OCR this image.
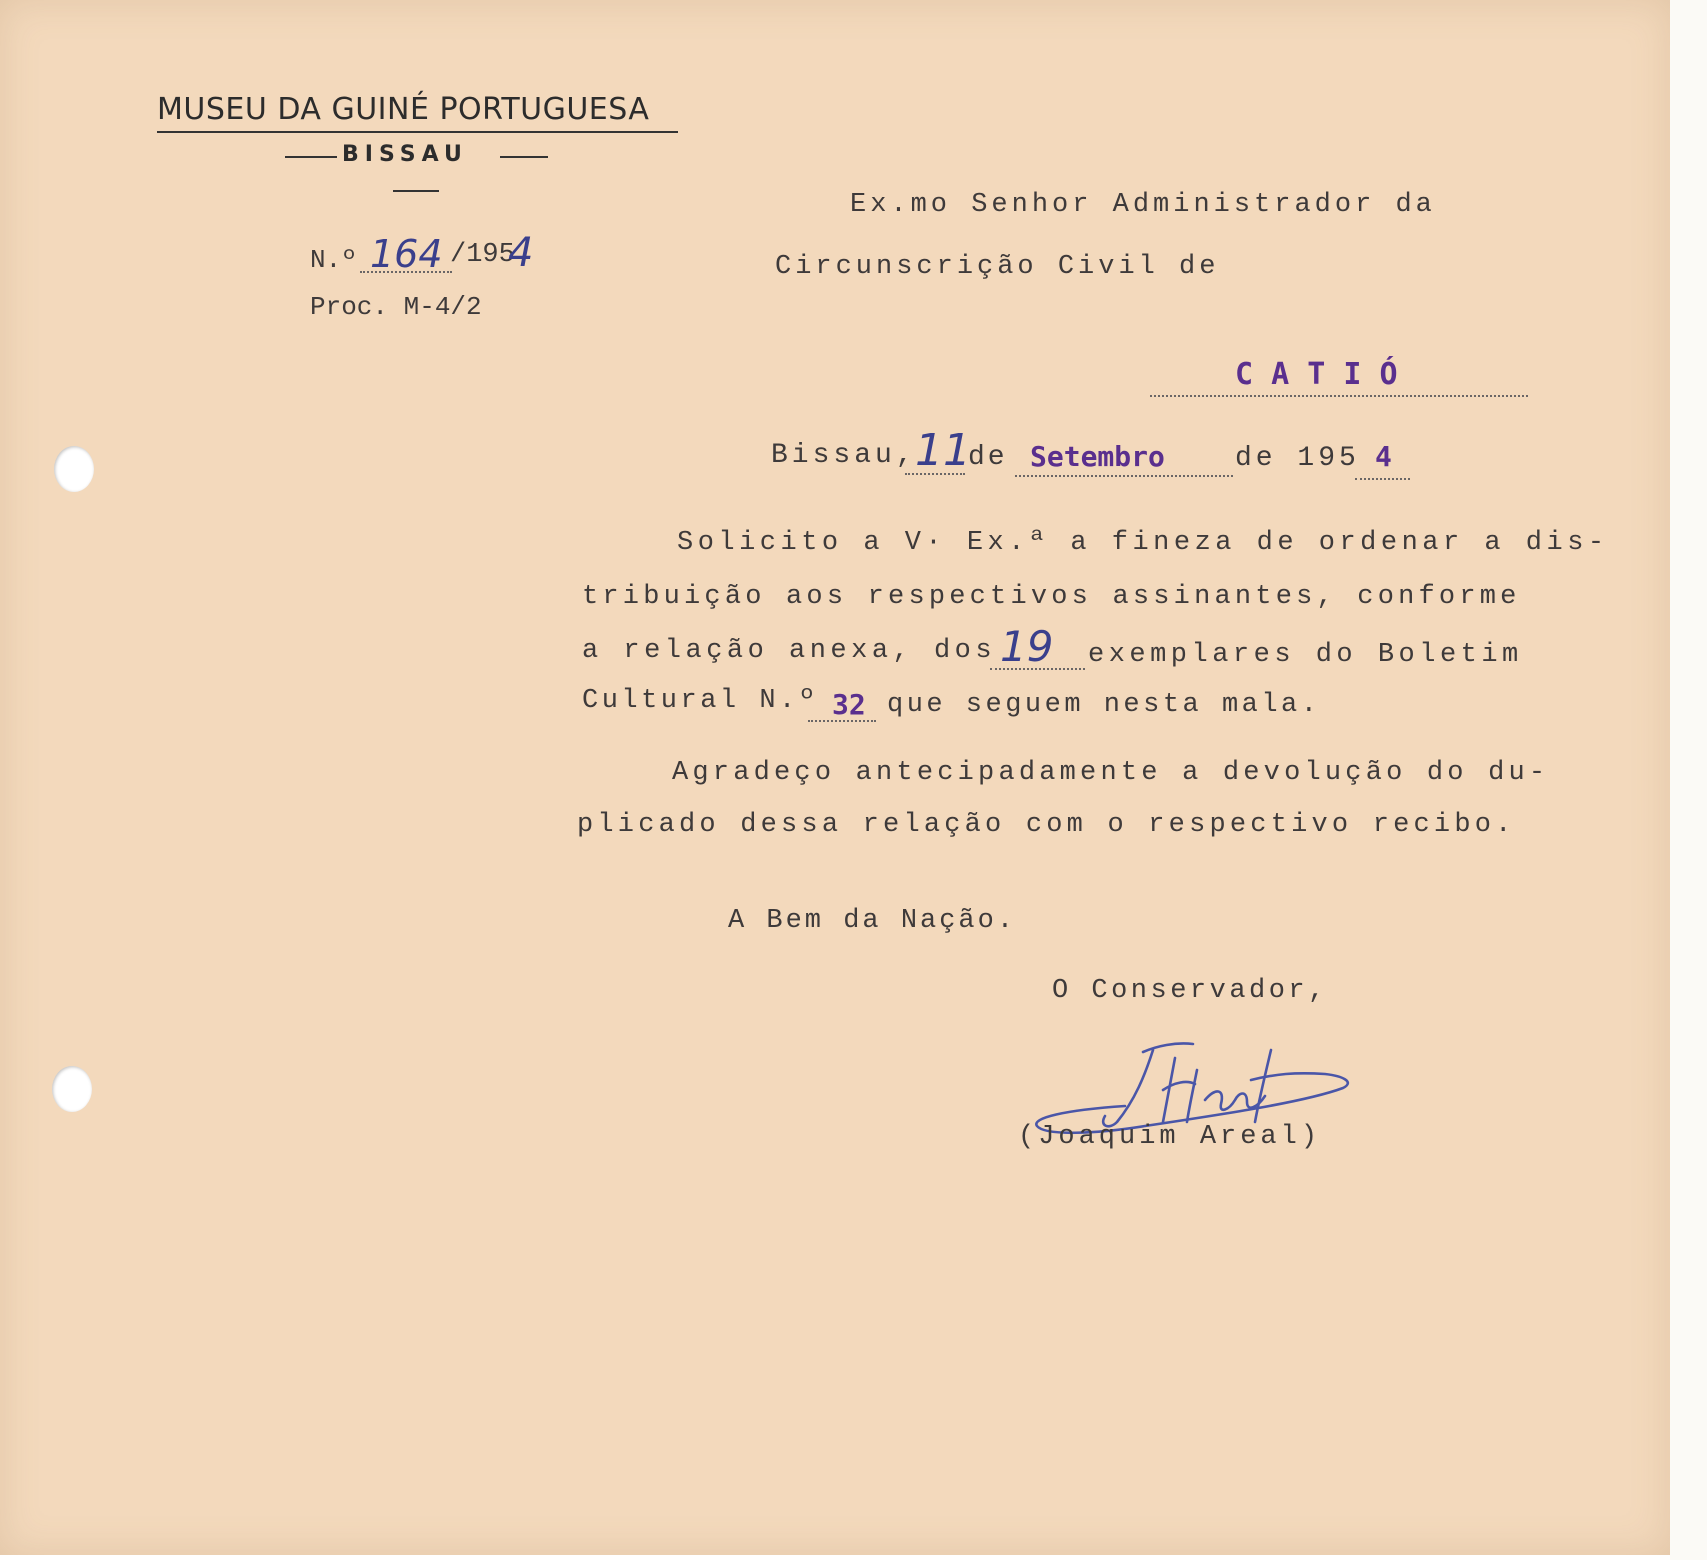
MUSEU DA GUINÉ PORTUGUESA
BISSAU
N.º 164 /195
4
Proc. M-4/2
Ex.mo Senhor Administrador da
Circunscrição Civil de
C A T I Ó
Bissau,
11
de Setembro	de 195 4
Solicito a V· Ex.ª a fineza de ordenar a dis-
tribuição aos respectivos assinantes, conforme
a relação anexa, dos 19 exemplares do Boletim
Cultural N.º 32 que seguem nesta mala.
Agradeço antecipadamente a devolução do du-
plicado dessa relação com o respectivo recibo.
A Bem da Nação.
O Conservador,
(Joaquim Areal)
